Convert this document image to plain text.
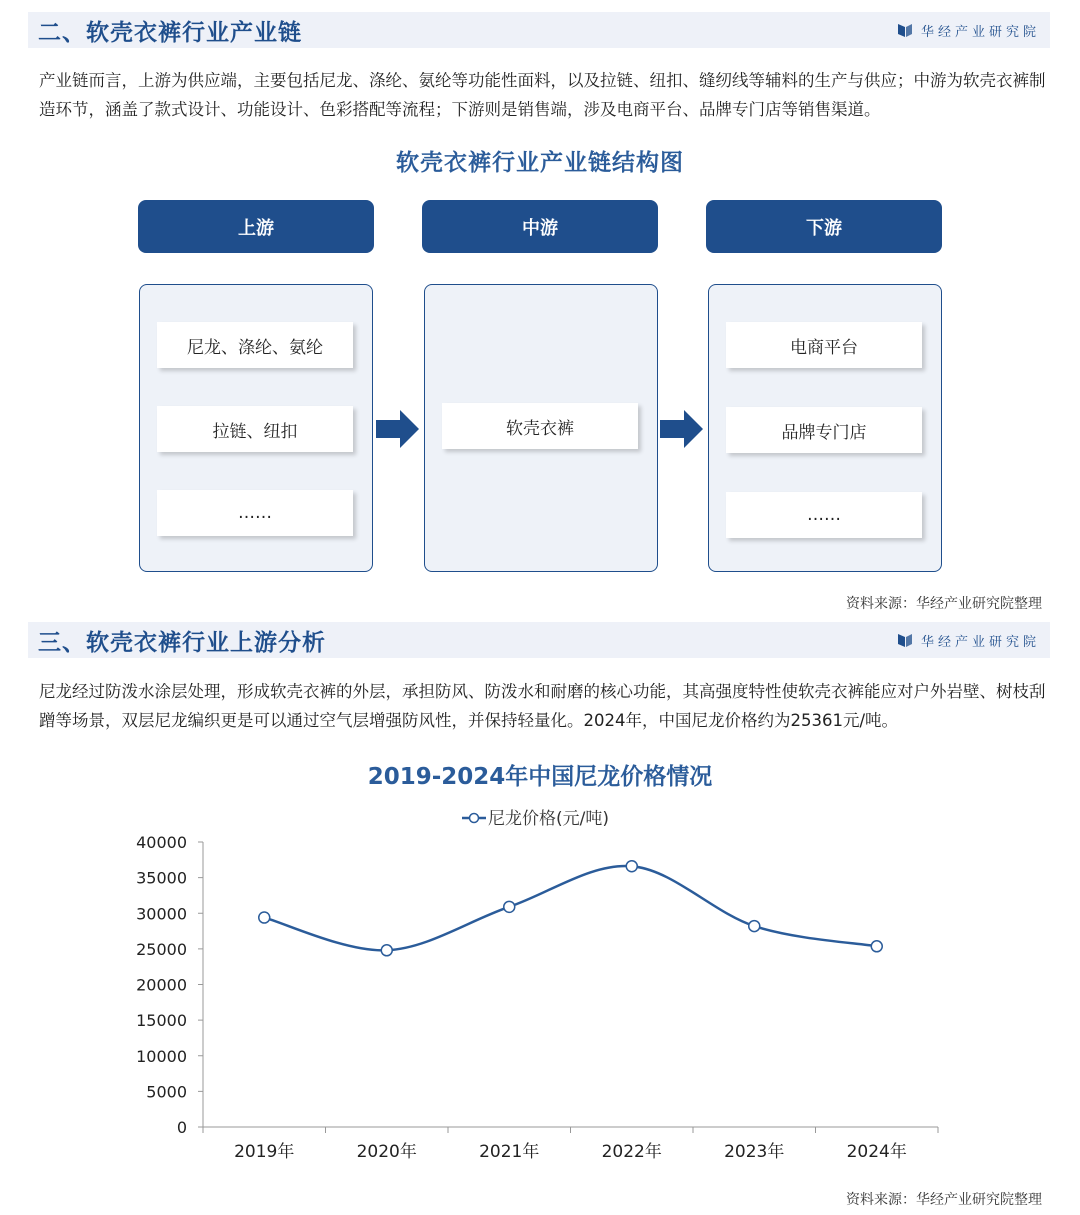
二、软壳衣裤行业产业链	华经产业研究院

产业链而言，上游为供应端，主要包括尼龙、涤纶、氨纶等功能性面料，以及拉链、纽扣、缝纫线等辅料的生产与供应；中游为软壳衣裤制造环节，涵盖了款式设计、功能设计、色彩搭配等流程；下游则是销售端，涉及电商平台、品牌专门店等销售渠道。

软壳衣裤行业产业链结构图
上游	中游	下游
尼龙、涤纶、氨纶
拉链、纽扣
……
软壳衣裤
电商平台
品牌专门店
……
资料来源：华经产业研究院整理
三、软壳衣裤行业上游分析	华经产业研究院

尼龙经过防泼水涂层处理，形成软壳衣裤的外层，承担防风、防泼水和耐磨的核心功能，其高强度特性使软壳衣裤能应对户外岩壁、树枝刮蹭等场景，双层尼龙编织更是可以通过空气层增强防风性，并保持轻量化。2024年，中国尼龙价格约为25361元/吨。

2019-2024年中国尼龙价格情况
尼龙价格(元/吨)
0
5000
10000
15000
20000
25000
30000
35000
40000
2019年	2020年	2021年	2022年	2023年	2024年
资料来源：华经产业研究院整理
